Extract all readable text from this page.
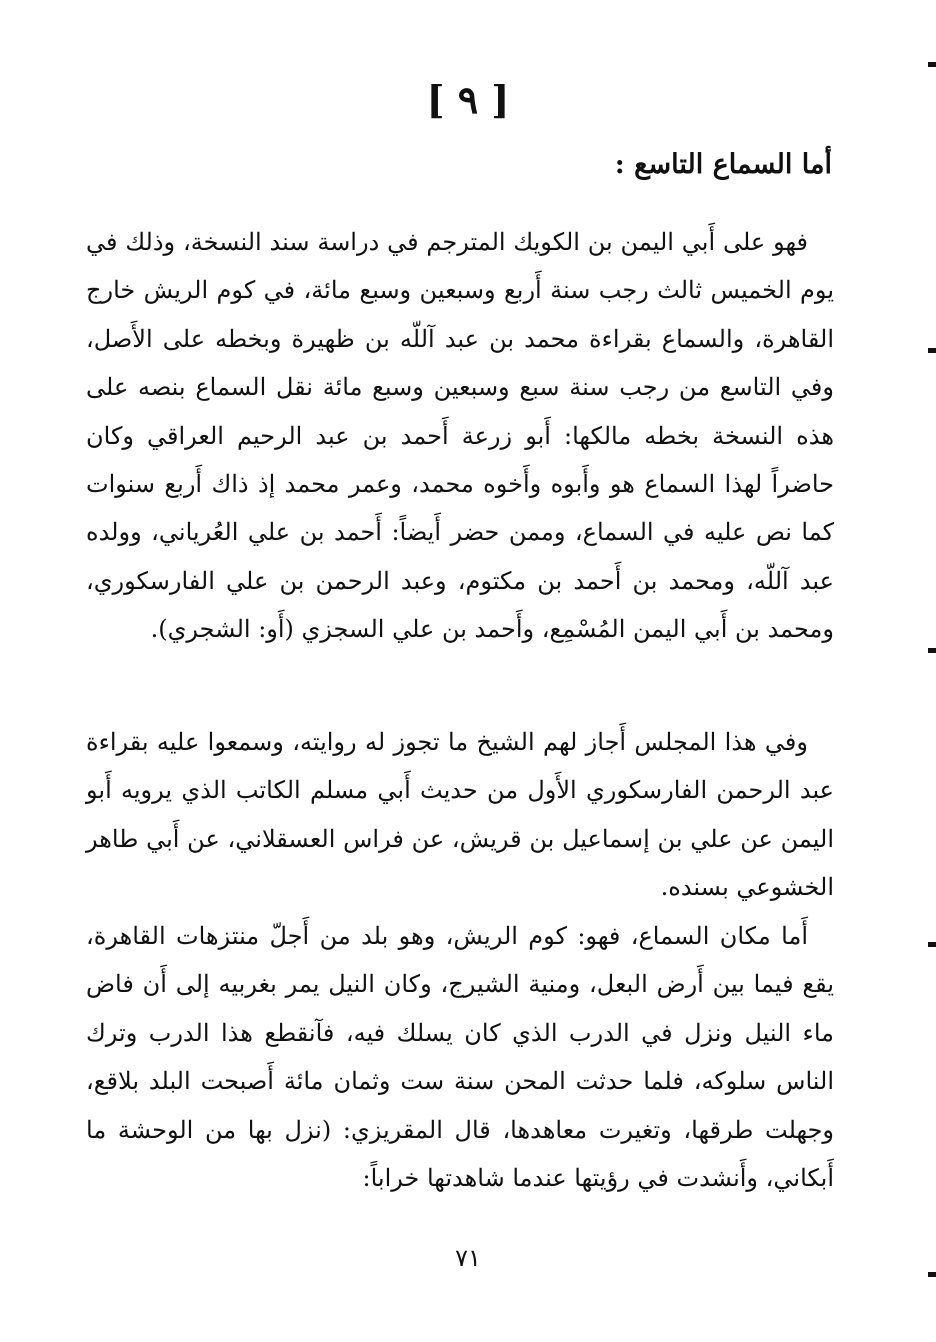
[ ٩ ]
أما السماع التاسع :

فهو على أَبي اليمن بن الكويك المترجم في دراسة سند النسخة، وذلك في يوم الخميس ثالث رجب سنة أَربع وسبعين وسبع مائة، في كوم الريش خارج القاهرة، والسماع بقراءة محمد بن عبد آللّه بن ظهيرة وبخطه على الأَصل، وفي التاسع من رجب سنة سبع وسبعين وسبع مائة نقل السماع بنصه على هذه النسخة بخطه مالكها: أَبو زرعة أَحمد بن عبد الرحيم العراقي وكان حاضراً لهذا السماع هو وأَبوه وأَخوه محمد، وعمر محمد إذ ذاك أَربع سنوات كما نص عليه في السماع، وممن حضر أَيضاً: أَحمد بن علي العُرياني، وولده عبد آللّه، ومحمد بن أَحمد بن مكتوم، وعبد الرحمن بن علي الفارسكوري، ومحمد بن أَبي اليمن المُسْمِع، وأَحمد بن علي السجزي (أَو: الشجري).

وفي هذا المجلس أَجاز لهم الشيخ ما تجوز له روايته، وسمعوا عليه بقراءة عبد الرحمن الفارسكوري الأَول من حديث أَبي مسلم الكاتب الذي يرويه أَبو اليمن عن علي بن إسماعيل بن قريش، عن فراس العسقلاني، عن أَبي طاهر الخشوعي بسنده.

أَما مكان السماع، فهو: كوم الريش، وهو بلد من أَجلّ منتزهات القاهرة، يقع فيما بين أَرض البعل، ومنية الشيرج، وكان النيل يمر بغربيه إلى أَن فاض ماء النيل ونزل في الدرب الذي كان يسلك فيه، فآنقطع هذا الدرب وترك الناس سلوكه، فلما حدثت المحن سنة ست وثمان مائة أَصبحت البلد بلاقع، وجهلت طرقها، وتغيرت معاهدها، قال المقريزي: (نزل بها من الوحشة ما أَبكاني، وأَنشدت في رؤيتها عندما شاهدتها خراباً:

٧١
